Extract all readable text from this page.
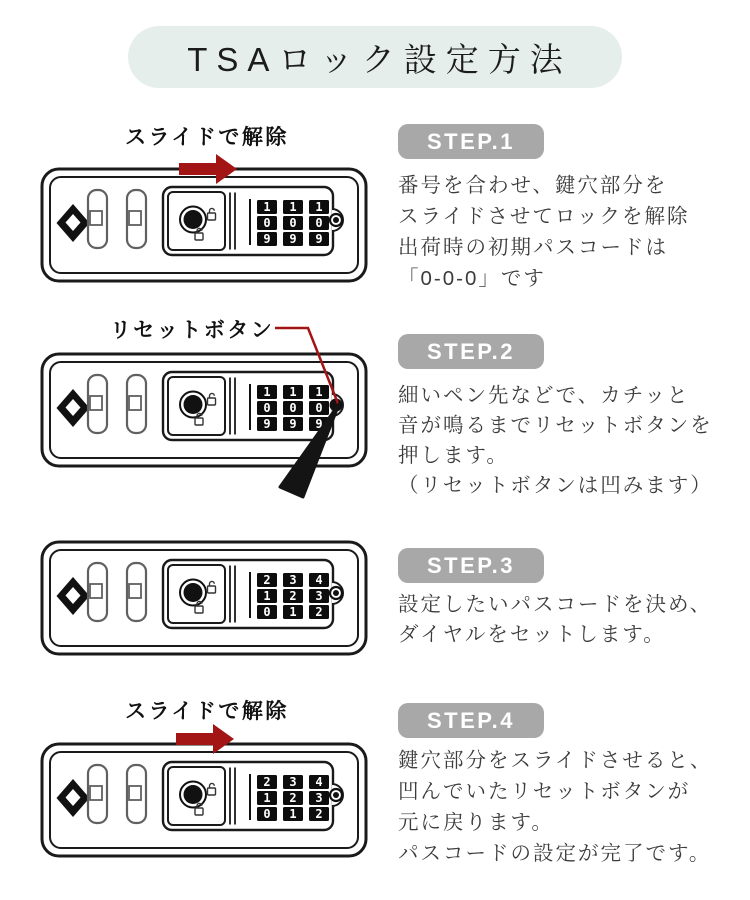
TSAロック設定方法
スライドで解除
1
0
9
1
0
9
1
0
9
STEP.1
番号を合わせ、鍵穴部分を
スライドさせてロックを解除
出荷時の初期パスコードは
「0-0-0」です
リセットボタン
1
0
9
1
0
9
1
0
9
STEP.2
細いペン先などで、カチッと
音が鳴るまでリセットボタンを
押します。
（リセットボタンは凹みます）
2
1
0
3
2
1
4
3
2
STEP.3
設定したいパスコードを決め、
ダイヤルをセットします。
スライドで解除
2
1
0
3
2
1
4
3
2
STEP.4
鍵穴部分をスライドさせると、
凹んでいたリセットボタンが
元に戻ります。
パスコードの設定が完了です。
